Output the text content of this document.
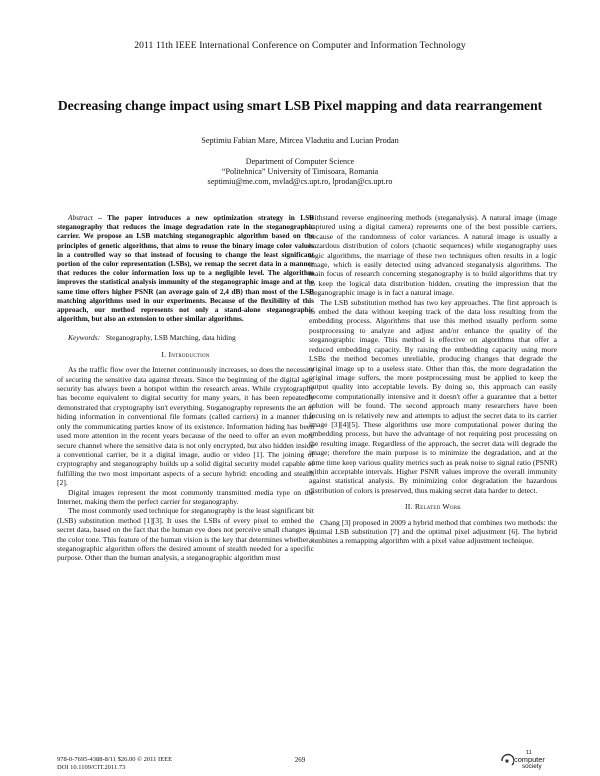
2011 11th IEEE International Conference on Computer and Information Technology
Decreasing change impact using smart LSB Pixel mapping and data rearrangement
Septimiu Fabian Mare, Mircea Vladutiu and Lucian Prodan
Department of Computer Science
“Politehnica” University of Timisoara, Romania
septimiu@me.com, mvlad@cs.upt.ro, lprodan@cs.upt.ro

Abstract – The paper introduces a new optimization strategy in LSB steganography that reduces the image degradation rate in the steganographic carrier. We propose an LSB matching steganographic algorithm based on the principles of genetic algorithms, that aims to reuse the binary image color values in a controlled way so that instead of focusing to change the least significant portion of the color representation (LSBs), we remap the secret data in a manner that reduces the color information loss up to a negligible level. The algorithm improves the statistical analysis immunity of the steganographic image and at the same time offers higher PSNR (an average gain of 2,4 dB) than most of the LSB matching algorithms used in our experiments. Because of the flexibility of this approach, our method represents not only a stand-alone steganographic algorithm, but also an extension to other similar algorithms.

Keywords: Steganography, LSB Matching, data hiding

I. Introduction

As the traffic flow over the Internet continuously increases, so does the necessity of securing the sensitive data against threats. Since the beginning of the digital age, security has always been a hotspot within the research areas. While cryptography has become equivalent to digital security for many years, it has been repeatedly demonstrated that cryptography isn't everything. Steganography represents the art of hiding information in conventional file formats (called carriers) in a manner that only the communicating parties know of its existence. Information hiding has been used more attention in the recent years because of the need to offer an even more secure channel where the sensitive data is not only encrypted, but also hidden inside a conventional carrier, be it a digital image, audio or video [1]. The joining of cryptography and steganography builds up a solid digital security model capable of fulfilling the two most important aspects of a secure hybrid: encoding and stealth [2].

Digital images represent the most commonly transmitted media type on the Internet, making them the perfect carrier for steganography.

The most commonly used technique for steganography is the least significant bit (LSB) substitution method [1][3]. It uses the LSBs of every pixel to embed the secret data, based on the fact that the human eye does not perceive small changes in the color tone. This feature of the human vision is the key that determines whether a steganographic algorithm offers the desired amount of stealth needed for a specific purpose. Other than the human analysis, a steganographic algorithm must

withstand reverse engineering methods (steganalysis). A natural image (image captured using a digital camera) represents one of the best possible carriers, because of the randomness of color variances. A natural image is usually a hazardous distribution of colors (chaotic sequences) while steganography uses logic algorithms, the marriage of these two techniques often results in a logic image, which is easily detected using advanced steganalysis algorithms. The main focus of research concerning steganography is to build algorithms that try to keep the logical data distribution hidden, creating the impression that the steganographic image is in fact a natural image.

The LSB substitution method has two key approaches. The first approach is to embed the data without keeping track of the data loss resulting from the embedding process. Algorithms that use this method usually perform some postprocessing to analyze and adjust and/or enhance the quality of the steganographic image. This method is effective on algorithms that offer a reduced embedding capacity. By raising the embedding capacity using more LSBs the method becomes unreliable, producing changes that degrade the original image up to a useless state. Other than this, the more degradation the original image suffers, the more postprocessing must be applied to keep the output quality into acceptable levels. By doing so, this approach can easily become computationally intensive and it doesn't offer a guarantee that a better solution will be found. The second approach many researchers have been focusing on is relatively new and attempts to adjust the secret data to its carrier image [3][4][5]. These algorithms use more computational power during the embedding process, but have the advantage of not requiring post processing on the resulting image. Regardless of the approach, the secret data will degrade the image; therefore the main purpose is to minimize the degradation, and at the same time keep various quality metrics such as peak noise to signal ratio (PSNR) within acceptable intervals. Higher PSNR values improve the overall immunity against statistical analysis. By minimizing color degradation the hazardous distribution of colors is preserved, thus making secret data harder to detect.

II. Related Work

Chang [3] proposed in 2009 a hybrid method that combines two methods: the optimal LSB substitution [7] and the optimal pixel adjustment [6]. The hybrid combines a remapping algorithm with a pixel value adjustment technique.

978-0-7695-4388-8/11 $26.00 © 2011 IEEE
DOI 10.1109/CIT.2011.73
269
11
computer
society
